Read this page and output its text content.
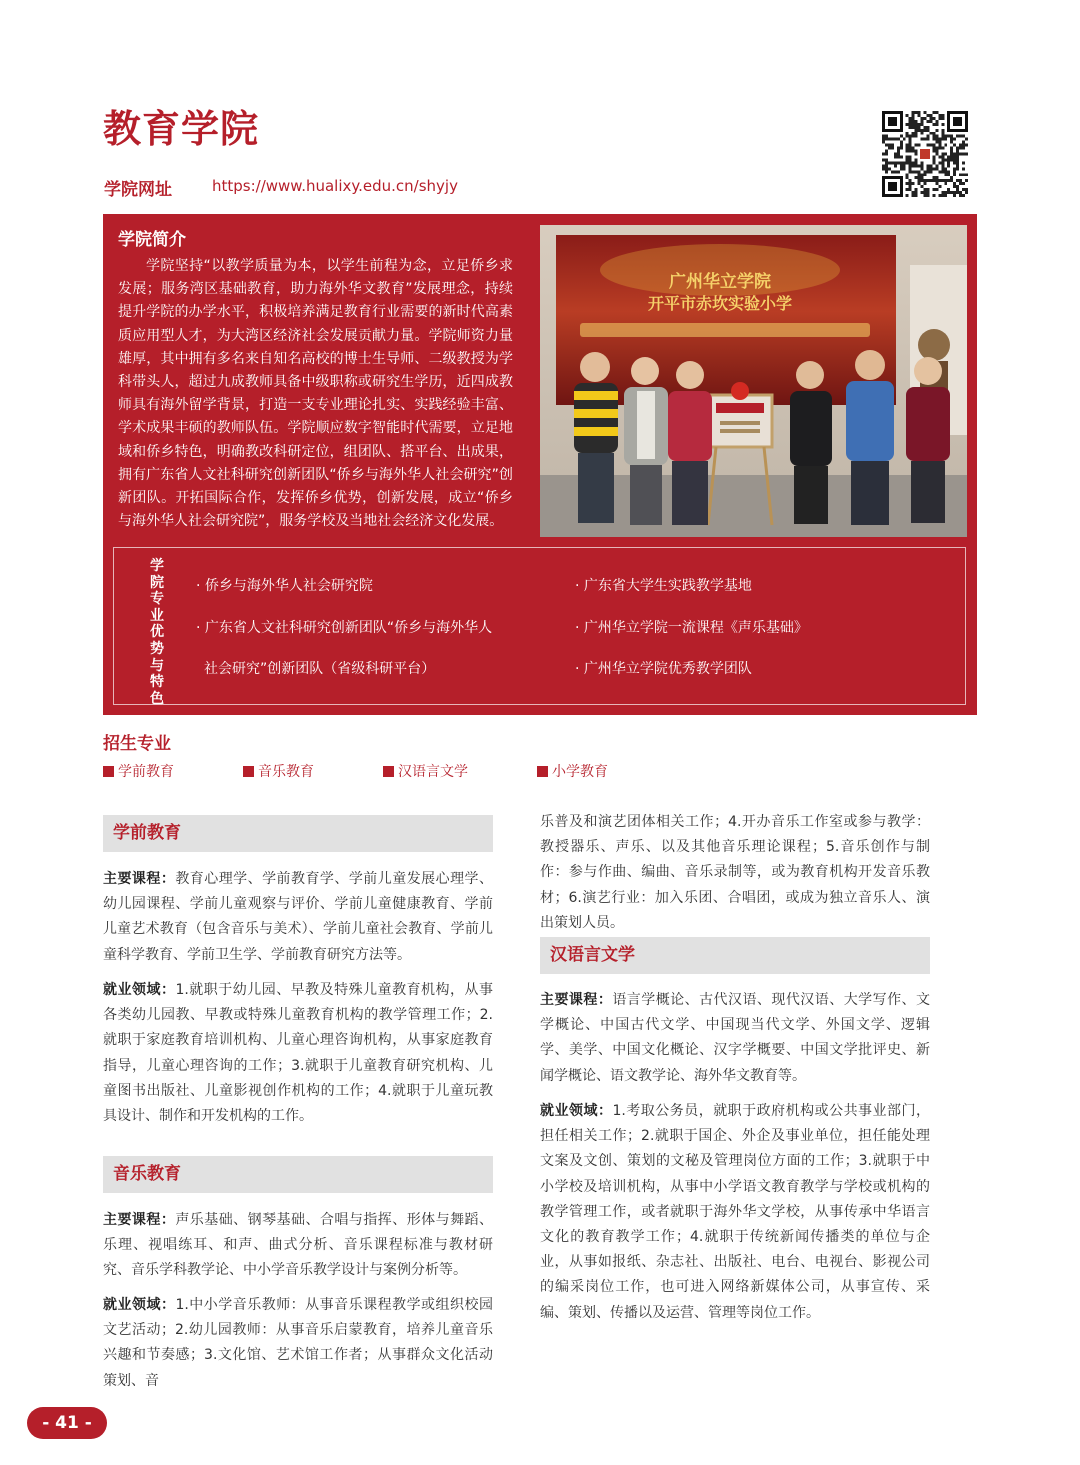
教育学院
学院网址	https://www.hualixy.edu.cn/shyjy
学院简介
学院坚持“以教学质量为本，以学生前程为念，立足侨乡求发展；服务湾区基础教育，助力海外华文教育”发展理念，持续提升学院的办学水平，积极培养满足教育行业需要的新时代高素质应用型人才，为大湾区经济社会发展贡献力量。学院师资力量雄厚，其中拥有多名来自知名高校的博士生导师、二级教授为学科带头人，超过九成教师具备中级职称或研究生学历，近四成教师具有海外留学背景，打造一支专业理论扎实、实践经验丰富、学术成果丰硕的教师队伍。学院顺应数字智能时代需要，立足地域和侨乡特色，明确教改科研定位，组团队、搭平台、出成果，拥有广东省人文社科研究创新团队“侨乡与海外华人社会研究”创新团队。开拓国际合作，发挥侨乡优势，创新发展，成立“侨乡与海外华人社会研究院”，服务学校及当地社会经济文化发展。
广州华立学院
开平市赤坎实验小学
学院专业优势与特色
· 侨乡与海外华人社会研究院	· 广东省大学生实践教学基地
· 广东省人文社科研究创新团队“侨乡与海外华人
社会研究”创新团队（省级科研平台）
· 广州华立学院一流课程《声乐基础》
· 广州华立学院优秀教学团队
招生专业
学前教育	音乐教育	汉语言文学	小学教育
学前教育
主要课程：教育心理学、学前教育学、学前儿童发展心理学、幼儿园课程、学前儿童观察与评价、学前儿童健康教育、学前儿童艺术教育（包含音乐与美术）、学前儿童社会教育、学前儿童科学教育、学前卫生学、学前教育研究方法等。
就业领域：1.就职于幼儿园、早教及特殊儿童教育机构，从事各类幼儿园教、早教或特殊儿童教育机构的教学管理工作；2.就职于家庭教育培训机构、儿童心理咨询机构，从事家庭教育指导，儿童心理咨询的工作；3.就职于儿童教育研究机构、儿童图书出版社、儿童影视创作机构的工作；4.就职于儿童玩教具设计、制作和开发机构的工作。
音乐教育
主要课程：声乐基础、钢琴基础、合唱与指挥、形体与舞蹈、乐理、视唱练耳、和声、曲式分析、音乐课程标准与教材研究、音乐学科教学论、中小学音乐教学设计与案例分析等。
就业领域：1.中小学音乐教师：从事音乐课程教学或组织校园文艺活动；2.幼儿园教师：从事音乐启蒙教育，培养儿童音乐兴趣和节奏感；3.文化馆、艺术馆工作者；从事群众文化活动策划、音
乐普及和演艺团体相关工作；4.开办音乐工作室或参与教学：教授器乐、声乐、以及其他音乐理论课程；5.音乐创作与制作：参与作曲、编曲、音乐录制等，或为教育机构开发音乐教材；6.演艺行业：加入乐团、合唱团，或成为独立音乐人、演出策划人员。
汉语言文学
主要课程：语言学概论、古代汉语、现代汉语、大学写作、文学概论、中国古代文学、中国现当代文学、外国文学、逻辑学、美学、中国文化概论、汉字学概要、中国文学批评史、新闻学概论、语文教学论、海外华文教育等。
就业领域：1.考取公务员，就职于政府机构或公共事业部门，担任相关工作；2.就职于国企、外企及事业单位，担任能处理文案及文创、策划的文秘及管理岗位方面的工作；3.就职于中小学校及培训机构，从事中小学语文教育教学与学校或机构的教学管理工作，或者就职于海外华文学校，从事传承中华语言文化的教育教学工作；4.就职于传统新闻传播类的单位与企业，从事如报纸、杂志社、出版社、电台、电视台、影视公司的编采岗位工作，也可进入网络新媒体公司，从事宣传、采编、策划、传播以及运营、管理等岗位工作。
- 41 -
